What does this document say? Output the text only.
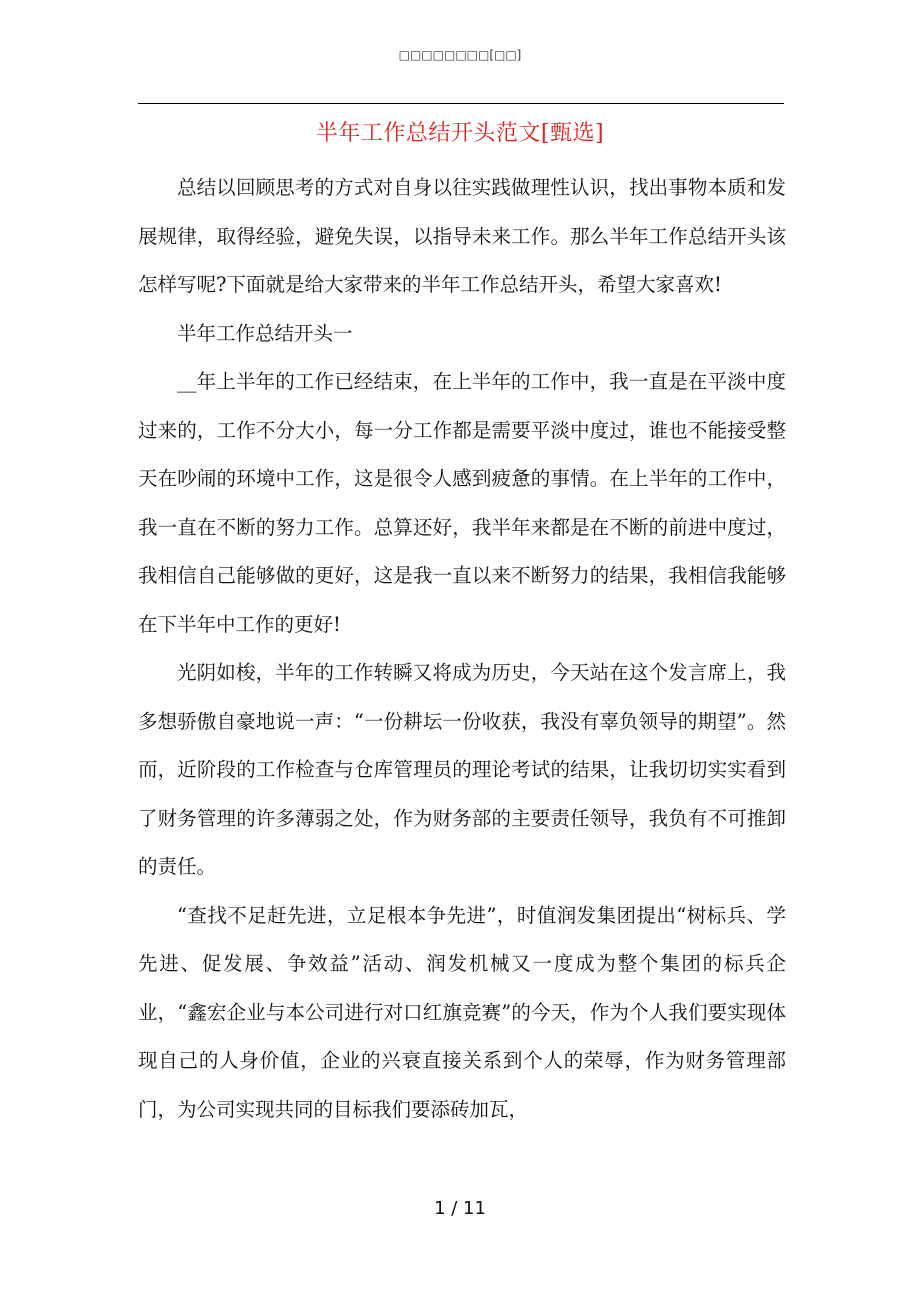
□□□□□□□□[□□]
半年工作总结开头范文[甄选]

总结以回顾思考的方式对自身以往实践做理性认识，找出事物本质和发展规律，取得经验，避免失误，以指导未来工作。那么半年工作总结开头该怎样写呢?下面就是给大家带来的半年工作总结开头，希望大家喜欢!

半年工作总结开头一

__年上半年的工作已经结束，在上半年的工作中，我一直是在平淡中度过来的，工作不分大小，每一分工作都是需要平淡中度过，谁也不能接受整天在吵闹的环境中工作，这是很令人感到疲惫的事情。在上半年的工作中，我一直在不断的努力工作。总算还好，我半年来都是在不断的前进中度过，我相信自己能够做的更好，这是我一直以来不断努力的结果，我相信我能够在下半年中工作的更好!

光阴如梭，半年的工作转瞬又将成为历史，今天站在这个发言席上，我多想骄傲自豪地说一声：“一份耕坛一份收获，我没有辜负领导的期望”。然而，近阶段的工作检查与仓库管理员的理论考试的结果，让我切切实实看到了财务管理的许多薄弱之处，作为财务部的主要责任领导，我负有不可推卸的责任。

“查找不足赶先进，立足根本争先进”，时值润发集团提出“树标兵、学先进、促发展、争效益”活动、润发机械又一度成为整个集团的标兵企业，“鑫宏企业与本公司进行对口红旗竞赛”的今天，作为个人我们要实现体现自己的人身价值，企业的兴衰直接关系到个人的荣辱，作为财务管理部门，为公司实现共同的目标我们要添砖加瓦，

1 / 11
